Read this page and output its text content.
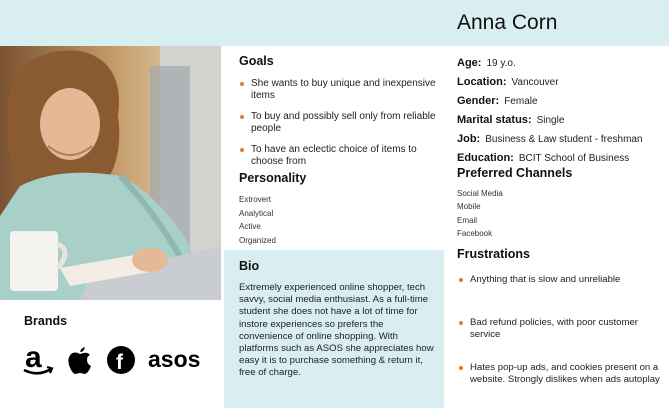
Anna Corn
Brands
a	f asos
Goals
She wants to buy unique and inexpensive items
To buy and possibly sell only from reliable people
To have an eclectic choice of items to choose from
Personality
Extrovert
Analytical
Active
Organized
Bio
Extremely experienced online shopper, tech savvy, social media enthusiast. As a full-time student she does not have a lot of time for instore experiences so prefers the convenience of online shopping. With platforms such as ASOS she appreciates how easy it is to purchase something & return it, free of charge.
Age: 19 y.o.
Location: Vancouver
Gender: Female
Marital status: Single
Job: Business & Law student - freshman
Education: BCIT School of Business
Preferred Channels
Social Media
Mobile
Email
Facebook
Frustrations
Anything that is slow and unreliable
Bad refund policies, with poor customer service
Hates pop-up ads, and cookies present on a website. Strongly dislikes when ads autoplay
